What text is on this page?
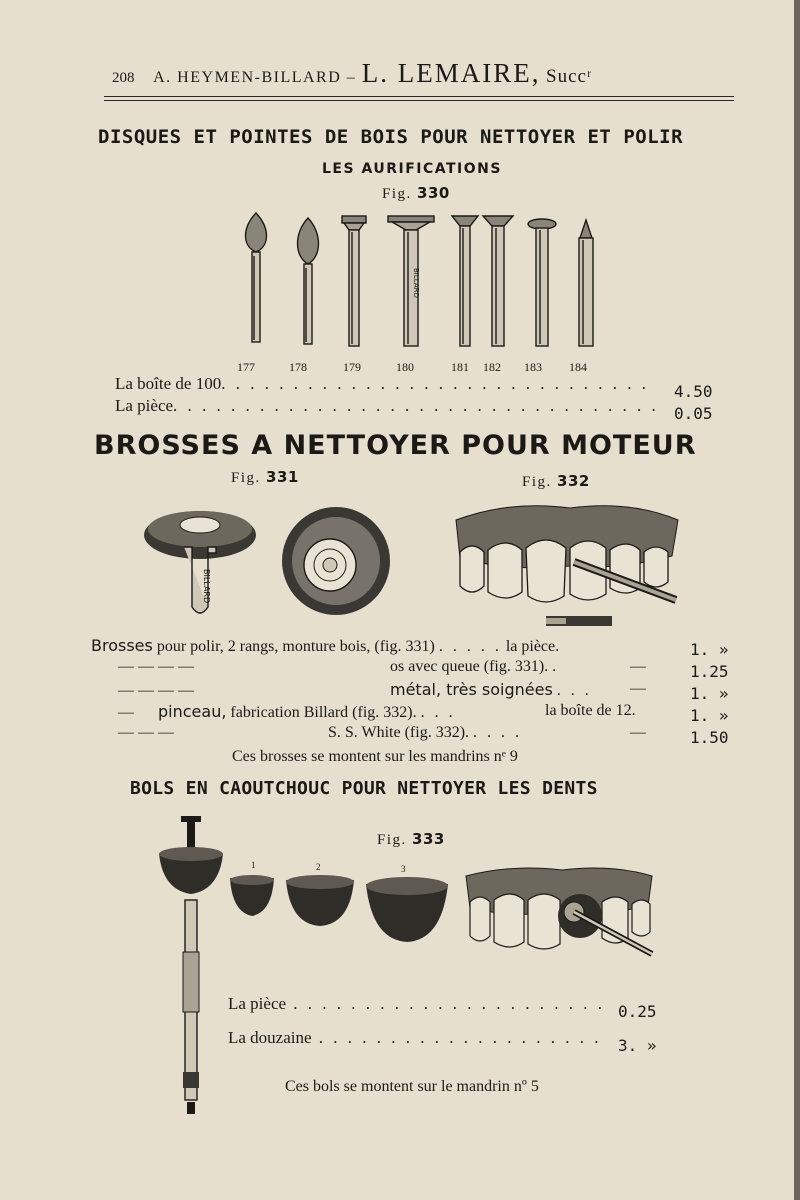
208 A. HEYMEN-BILLARD – L. LEMAIRE, Succʳ
DISQUES ET POINTES DE BOIS POUR NETTOYER ET POLIR
LES AURIFICATIONS
Fig. 330
BILLARD
177	178	179	180	181 182 183 184
La boîte de 100. . . . . . . . . . . . . . . . . . . . . . . . . . . . . . 4.50
La pièce. . . . . . . . . . . . . . . . . . . . . . . . . . . . . . . . . . 0.05
BROSSES A NETTOYER POUR MOTEUR
Fig. 331	Fig. 332
BILLARD
Brosses pour polir, 2 rangs, monture bois, (fig. 331) . . . . . la pièce.	1. »
— — — —	os avec queue (fig. 331). .	—	1.25
— — — —	métal, très soignées . . . —	1. »
— pinceau, fabrication Billard (fig. 332). . . .	la boîte de 12.	1. »
— — —	S. S. White (fig. 332). . . . .	—	1.50
Ces brosses se montent sur les mandrins nᵉ 9
BOLS EN CAOUTCHOUC POUR NETTOYER LES DENTS
Fig. 333
1	2	3
La pièce . . . . . . . . . . . . . . . . . . . . . . 0.25
La douzaine . . . . . . . . . . . . . . . . . . . . 3. »
Ces bols se montent sur le mandrin nº 5
